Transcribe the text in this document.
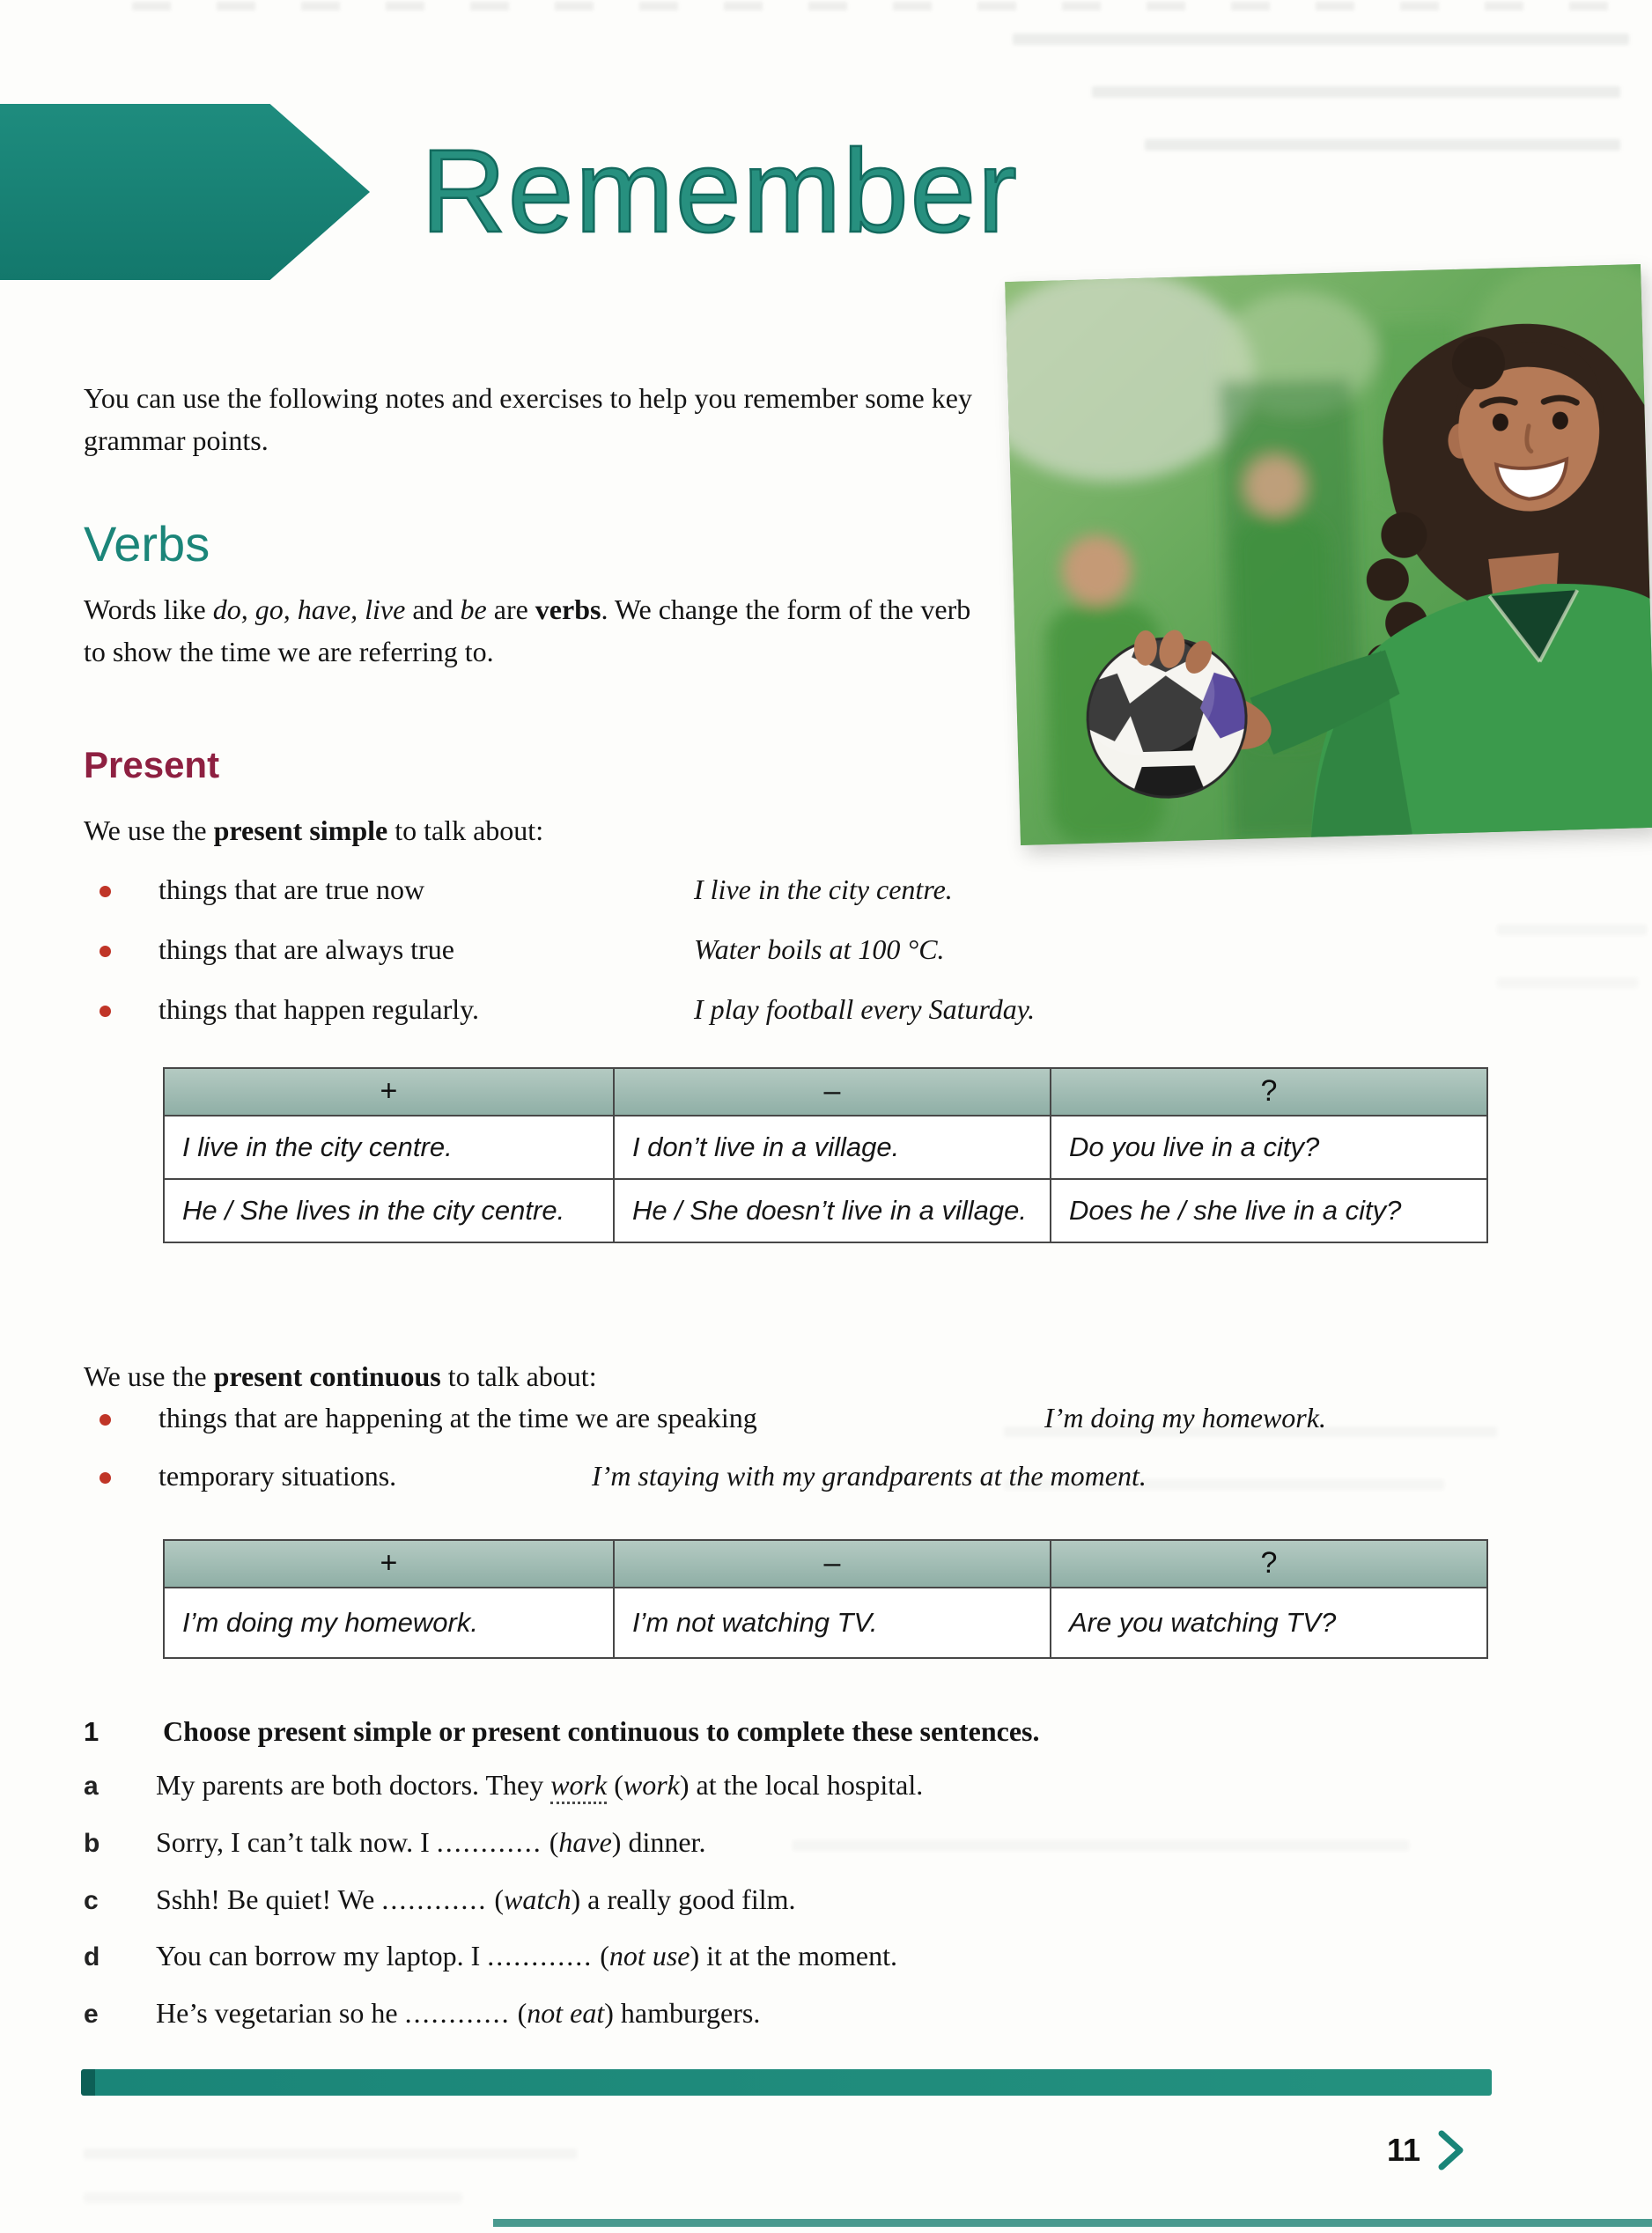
Remember

You can use the following notes and exercises to help you remember some key grammar points.

Verbs

Words like do, go, have, live and be are verbs. We change the form of the verb to show the time we are referring to.

Present

We use the present simple to talk about:

things that are true now	I live in the city centre.
things that are always true	Water boils at 100 °C.
things that happen regularly.	I play football every Saturday.
+	–	?
I live in the city centre.	I don’t live in a village.	Do you live in a city?
He / She lives in the city centre.	He / She doesn’t live in a village.	Does he / she live in a city?

We use the present continuous to talk about:

things that are happening at the time we are speaking	I’m doing my homework.
temporary situations.	I’m staying with my grandparents at the moment.
+	–	?
I’m doing my homework.	I’m not watching TV.	Are you watching TV?
1	Choose present simple or present continuous to complete these sentences.
a	My parents are both doctors. They work (work) at the local hospital.
b	Sorry, I can’t talk now. I ............ (have) dinner.
c	Sshh! Be quiet! We ............ (watch) a really good film.
d	You can borrow my laptop. I ............ (not use) it at the moment.
e	He’s vegetarian so he ............ (not eat) hamburgers.
11
